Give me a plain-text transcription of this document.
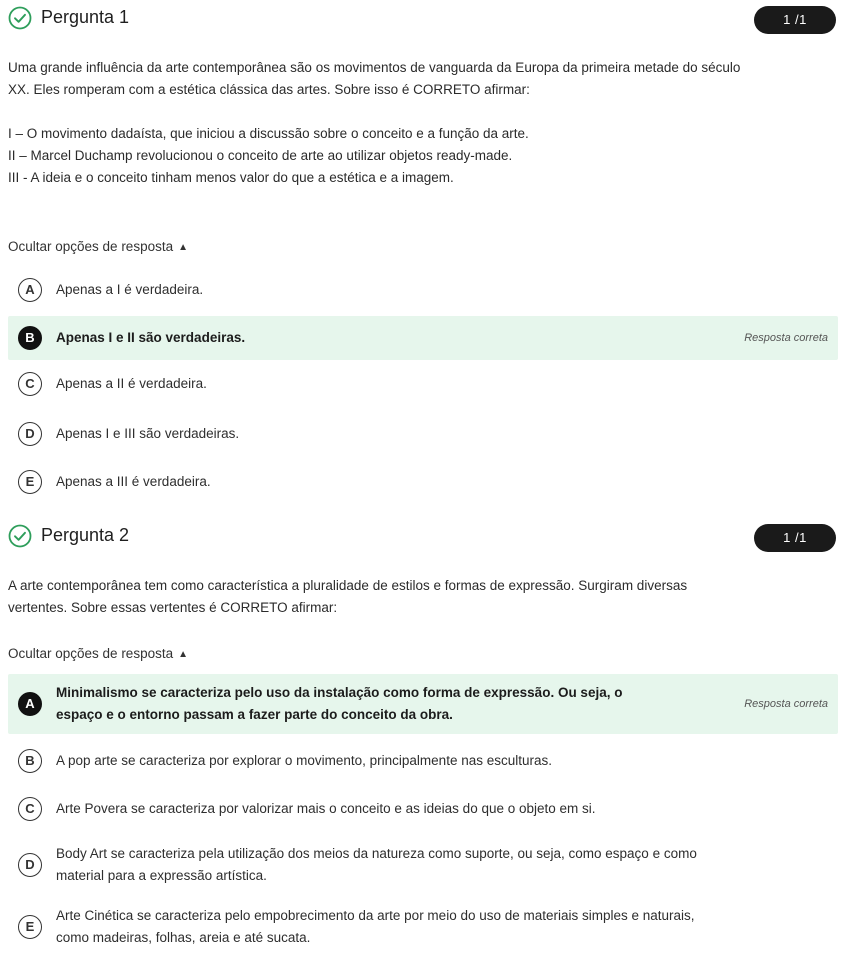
Pergunta 1	1 /1
Uma grande influência da arte contemporânea são os movimentos de vanguarda da Europa da primeira metade do século
XX. Eles romperam com a estética clássica das artes. Sobre isso é CORRETO afirmar:
I – O movimento dadaísta, que iniciou a discussão sobre o conceito e a função da arte.
II – Marcel Duchamp revolucionou o conceito de arte ao utilizar objetos ready-made.
III - A ideia e o conceito tinham menos valor do que a estética e a imagem.
Ocultar opções de resposta ▲
A	Apenas a I é verdadeira.
B	Apenas I e II são verdadeiras.	Resposta correta
C	Apenas a II é verdadeira.
D	Apenas I e III são verdadeiras.
E	Apenas a III é verdadeira.
Pergunta 2	1 /1
A arte contemporânea tem como característica a pluralidade de estilos e formas de expressão. Surgiram diversas
vertentes. Sobre essas vertentes é CORRETO afirmar:
Ocultar opções de resposta ▲
A
Minimalismo se caracteriza pelo uso da instalação como forma de expressão. Ou seja, o
espaço e o entorno passam a fazer parte do conceito da obra.
Resposta correta
B	A pop arte se caracteriza por explorar o movimento, principalmente nas esculturas.
C	Arte Povera se caracteriza por valorizar mais o conceito e as ideias do que o objeto em si.
D
Body Art se caracteriza pela utilização dos meios da natureza como suporte, ou seja, como espaço e como
material para a expressão artística.
E
Arte Cinética se caracteriza pelo empobrecimento da arte por meio do uso de materiais simples e naturais,
como madeiras, folhas, areia e até sucata.
